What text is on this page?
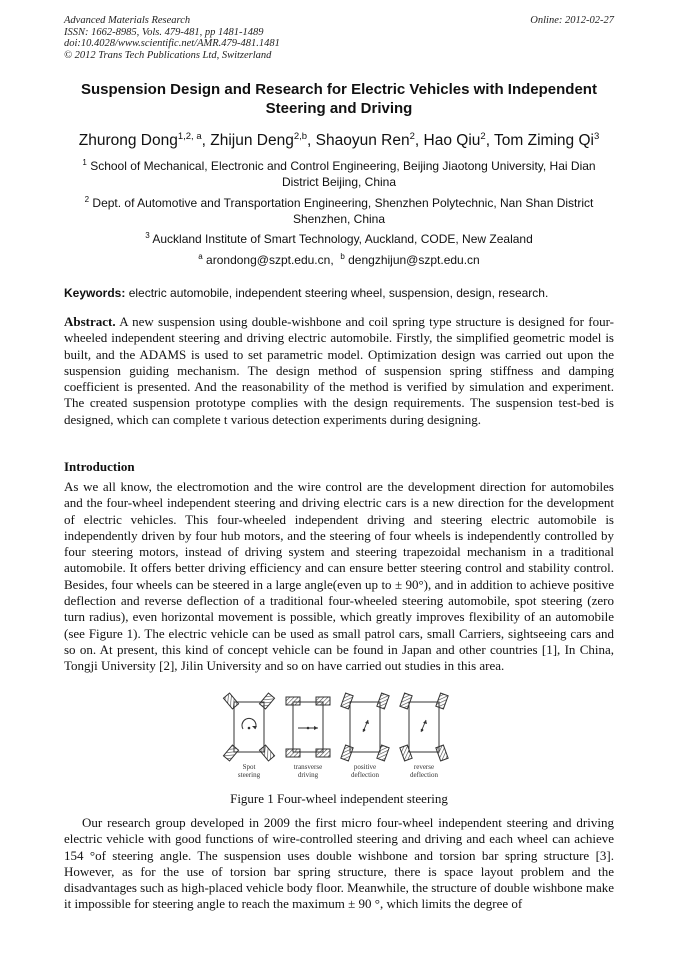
Advanced Materials Research
ISSN: 1662-8985, Vols. 479-481, pp 1481-1489
doi:10.4028/www.scientific.net/AMR.479-481.1481
© 2012 Trans Tech Publications Ltd, Switzerland
Online: 2012-02-27
Suspension Design and Research for Electric Vehicles with Independent Steering and Driving
Zhurong Dong$^{1,2, a}$, Zhijun Deng$^{2,b}$, Shaoyun Ren$^2$, Hao Qiu$^2$, Tom Ziming Qi$^3$
$^1$ School of Mechanical, Electronic and Control Engineering, Beijing Jiaotong University, Hai Dian District Beijing, China
$^2$ Dept. of Automotive and Transportation Engineering, Shenzhen Polytechnic, Nan Shan District Shenzhen, China
$^3$ Auckland Institute of Smart Technology, Auckland, CODE, New Zealand
$^a$ arondong@szpt.edu.cn, $^b$ dengzhijun@szpt.edu.cn
Keywords: electric automobile, independent steering wheel, suspension, design, research.
Abstract. A new suspension using double-wishbone and coil spring type structure is designed for four-wheeled independent steering and driving electric automobile. Firstly, the simplified geometric model is built, and the ADAMS is used to set parametric model. Optimization design was carried out upon the suspension guiding mechanism. The design method of suspension spring stiffness and damping coefficient is presented. And the reasonability of the method is verified by simulation and experiment. The created suspension prototype complies with the design requirements. The suspension test-bed is designed, which can complete t various detection experiments during designing.
Introduction
As we all know, the electromotion and the wire control are the development direction for automobiles and the four-wheel independent steering and driving electric cars is a new direction for the development of electric vehicles. This four-wheeled independent driving and steering electric automobile is independently driven by four hub motors, and the steering of four wheels is independently controlled by four steering motors, instead of driving system and steering trapezoidal mechanism in a traditional automobile. It offers better driving efficiency and can ensure better steering control and stability control. Besides, four wheels can be steered in a large angle(even up to ± 90°), and in addition to achieve positive deflection and reverse deflection of a traditional four-wheeled steering automobile, spot steering (zero turn radius), even horizontal movement is possible, which greatly improves flexibility of an automobile (see Figure 1). The electric vehicle can be used as small patrol cars, small Carriers, sightseeing cars and so on. At present, this kind of concept vehicle can be found in Japan and other countries [1], In China, Tongji University [2], Jilin University and so on have carried out studies in this area.
Spot
steering
transverse
driving
positive
deflection
reverse
deflection
Figure 1 Four-wheel independent steering
Our research group developed in 2009 the first micro four-wheel independent steering and driving electric vehicle with good functions of wire-controlled steering and driving and each wheel can achieve 154 °of steering angle. The suspension uses double wishbone and torsion bar spring structure [3]. However, as for the use of torsion bar spring structure, there is space layout problem and the disadvantages such as high-placed vehicle body floor. Meanwhile, the structure of double wishbone make it impossible for steering angle to reach the maximum ± 90 °, which limits the degree of
